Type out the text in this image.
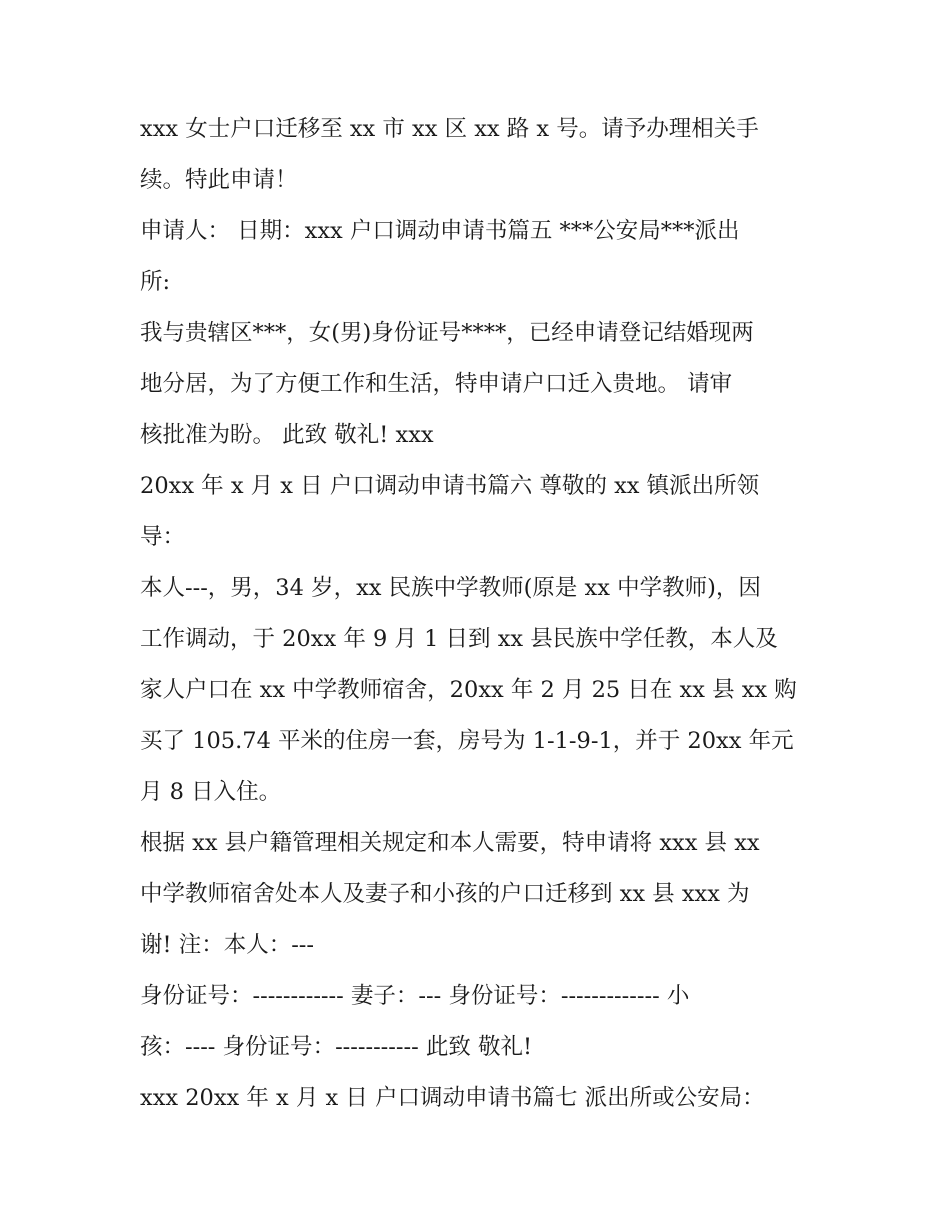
xxx 女士户口迁移至 xx 市 xx 区 xx 路 x 号。请予办理相关手
续。特此申请！
申请人： 日期：xxx 户口调动申请书篇五 ***公安局***派出
所:
我与贵辖区***，女(男)身份证号****，已经申请登记结婚现两
地分居，为了方便工作和生活，特申请户口迁入贵地。 请审
核批准为盼。 此致 敬礼! xxx
20xx 年 x 月 x 日 户口调动申请书篇六 尊敬的 xx 镇派出所领
导：
本人---，男，34 岁，xx 民族中学教师(原是 xx 中学教师)，因
工作调动，于 20xx 年 9 月 1 日到 xx 县民族中学任教，本人及
家人户口在 xx 中学教师宿舍，20xx 年 2 月 25 日在 xx 县 xx 购
买了 105.74 平米的住房一套，房号为 1-1-9-1，并于 20xx 年元
月 8 日入住。
根据 xx 县户籍管理相关规定和本人需要，特申请将 xxx 县 xx
中学教师宿舍处本人及妻子和小孩的户口迁移到 xx 县 xxx 为
谢! 注：本人：---
身份证号：------------ 妻子：--- 身份证号：------------- 小
孩：---- 身份证号：----------- 此致 敬礼!
xxx 20xx 年 x 月 x 日 户口调动申请书篇七 派出所或公安局：
